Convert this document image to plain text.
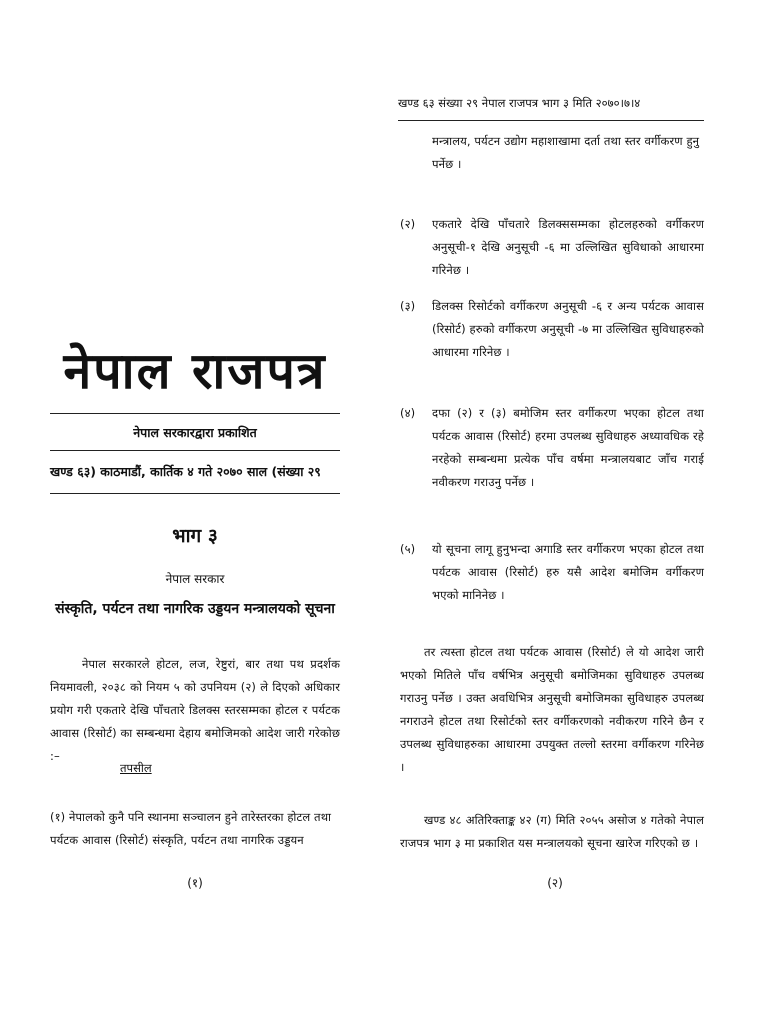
नेपाल राजपत्र
नेपाल सरकारद्वारा प्रकाशित
खण्ड ६३) काठमाडौं, कार्तिक ४ गते २०७० साल (संख्या २९
भाग ३
नेपाल सरकार
संस्कृति, पर्यटन तथा नागरिक उड्डयन मन्त्रालयको सूचना
नेपाल सरकारले होटल, लज, रेष्टुरां, बार तथा पथ प्रदर्शक नियमावली, २०३८ को नियम ५ को उपनियम (२) ले दिएको अधिकार प्रयोग गरी एकतारे देखि पाँचतारे डिलक्स स्तरसम्मका होटल र पर्यटक आवास (रिसोर्ट) का सम्बन्धमा देहाय बमोजिमको आदेश जारी गरेकोछ :–
तपसील
(१) नेपालको कुनै पनि स्थानमा सञ्चालन हुने तारेस्तरका होटल तथा पर्यटक आवास (रिसोर्ट) संस्कृति, पर्यटन तथा नागरिक उड्डयन
(१)
खण्ड ६३ संख्या २९ नेपाल राजपत्र भाग ३ मिति २०७०।७।४
मन्त्रालय, पर्यटन उद्योग महाशाखामा दर्ता तथा स्तर वर्गीकरण हुनु पर्नेछ ।
(२)	एकतारे देखि पाँचतारे डिलक्ससम्मका होटलहरुको वर्गीकरण अनुसूची-१ देखि अनुसूची -६ मा उल्लिखित सुविधाको आधारमा गरिनेछ ।
(३)	डिलक्स रिसोर्टको वर्गीकरण अनुसूची -६ र अन्य पर्यटक आवास (रिसोर्ट) हरुको वर्गीकरण अनुसूची -७ मा उल्लिखित सुविधाहरुको आधारमा गरिनेछ ।
(४)	दफा (२) र (३) बमोजिम स्तर वर्गीकरण भएका होटल तथा पर्यटक आवास (रिसोर्ट) हरमा उपलब्ध सुविधाहरु अध्यावधिक रहे नरहेको सम्बन्धमा प्रत्येक पाँच वर्षमा मन्त्रालयबाट जाँच गराई नवीकरण गराउनु पर्नेछ ।
(५)	यो सूचना लागू हुनुभन्दा अगाडि स्तर वर्गीकरण भएका होटल तथा पर्यटक आवास (रिसोर्ट) हरु यसै आदेश बमोजिम वर्गीकरण भएको मानिनेछ ।
तर त्यस्ता होटल तथा पर्यटक आवास (रिसोर्ट) ले यो आदेश जारी भएको मितिले पाँच वर्षभित्र अनुसूची बमोजिमका सुविधाहरु उपलब्ध गराउनु पर्नेछ । उक्त अवधिभित्र अनुसूची बमोजिमका सुविधाहरु उपलब्ध नगराउने होटल तथा रिसोर्टको स्तर वर्गीकरणको नवीकरण गरिने छैन र उपलब्ध सुविधाहरुका आधारमा उपयुक्त तल्लो स्तरमा वर्गीकरण गरिनेछ ।
खण्ड ४८ अतिरिक्ताङ्क ४२ (ग) मिति २०५५ असोज ४ गतेको नेपाल राजपत्र भाग ३ मा प्रकाशित यस मन्त्रालयको सूचना खारेज गरिएको छ ।
(२)
